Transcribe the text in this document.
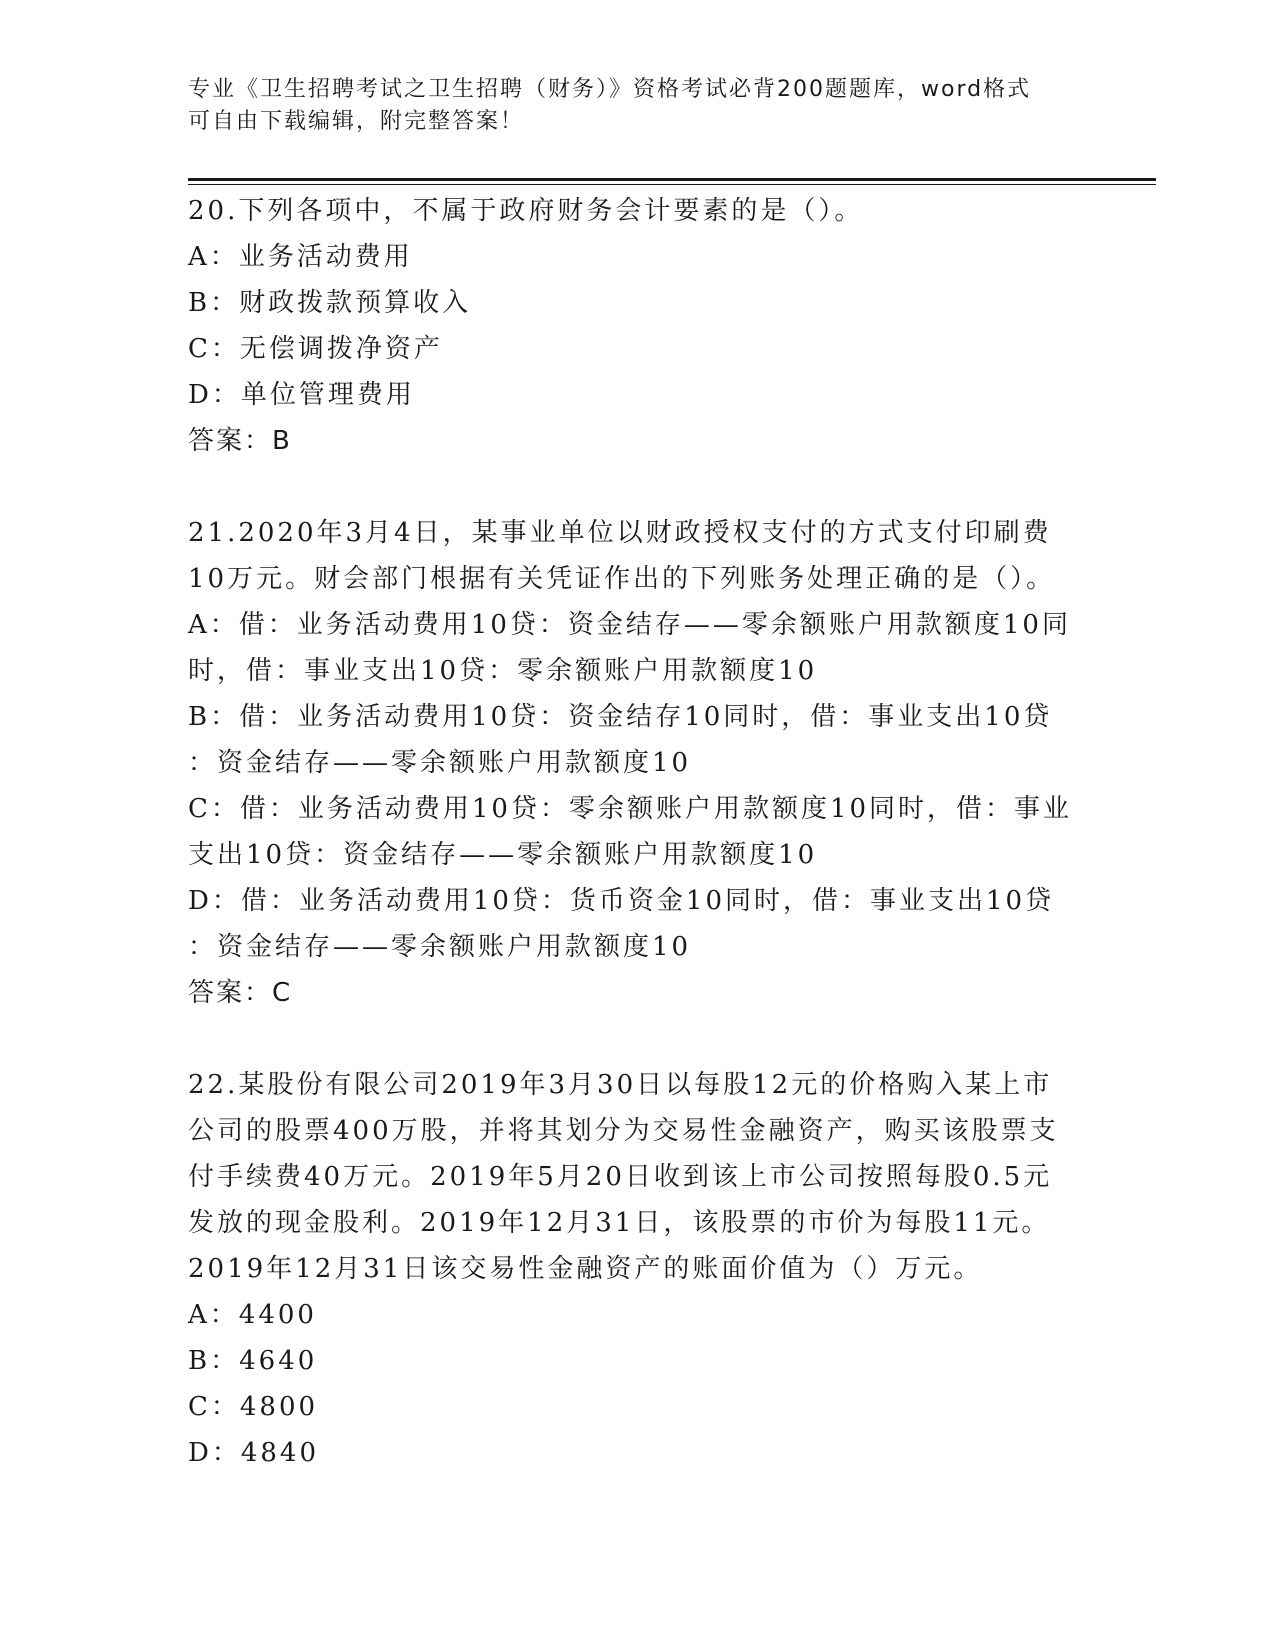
专业《卫生招聘考试之卫生招聘（财务）》资格考试必背200题题库，word格式
可自由下载编辑，附完整答案！
20.下列各项中，不属于政府财务会计要素的是（）。
A：业务活动费用
B：财政拨款预算收入
C：无偿调拨净资产
D：单位管理费用
答案：B
21.2020年3月4日，某事业单位以财政授权支付的方式支付印刷费
10万元。财会部门根据有关凭证作出的下列账务处理正确的是（）。
A：借：业务活动费用10贷：资金结存——零余额账户用款额度10同
时，借：事业支出10贷：零余额账户用款额度10
B：借：业务活动费用10贷：资金结存10同时，借：事业支出10贷
：资金结存——零余额账户用款额度10
C：借：业务活动费用10贷：零余额账户用款额度10同时，借：事业
支出10贷：资金结存——零余额账户用款额度10
D：借：业务活动费用10贷：货币资金10同时，借：事业支出10贷
：资金结存——零余额账户用款额度10
答案：C
22.某股份有限公司2019年3月30日以每股12元的价格购入某上市
公司的股票400万股，并将其划分为交易性金融资产，购买该股票支
付手续费40万元。2019年5月20日收到该上市公司按照每股0.5元
发放的现金股利。2019年12月31日，该股票的市价为每股11元。
2019年12月31日该交易性金融资产的账面价值为（）万元。
A：4400
B：4640
C：4800
D：4840
